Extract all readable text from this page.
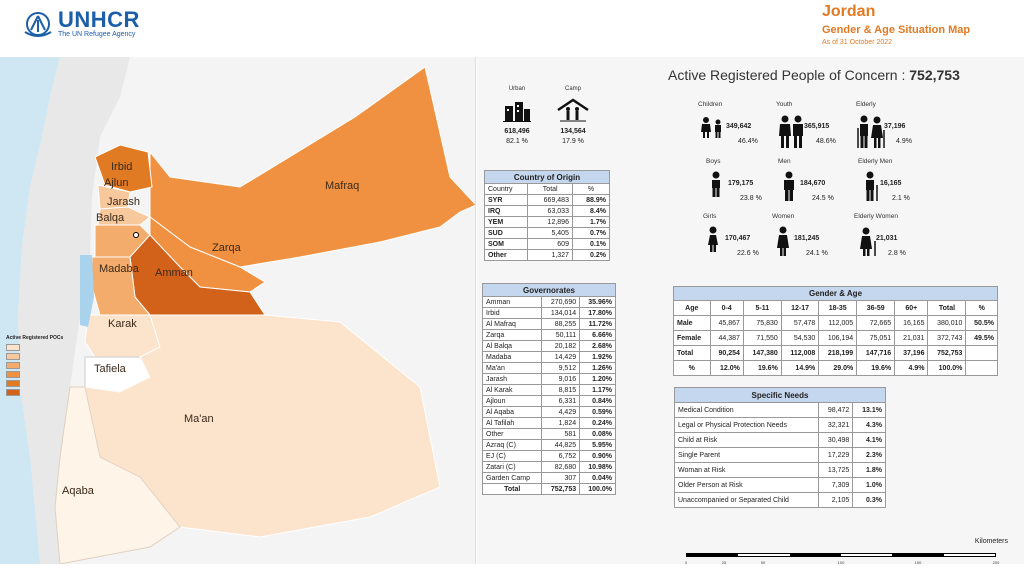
UNHCR
The UN Refugee Agency
Jordan
Gender & Age Situation Map
As of 31 October 2022
Irbid
Ajlun
Jarash
Balqa
Mafraq
Zarqa
Madaba Amman
Karak
Tafiela
Ma'an
Aqaba
Active Registered POCs
Active Registered People of Concern : 752,753
Urban
618,496
82.1 %
Camp
134,564
17.9 %
Children
349,642
46.4%
Youth
365,915
48.6%
Elderly
37,196
4.9%
Boys
179,175
23.8 %
Men
184,670
24.5 %
Elderly Men
16,165
2.1 %
Girls
170,467
22.6 %
Women
181,245
24.1 %
Elderly Women
21,031
2.8 %
Country of Origin		
Country	Total	%
SYR	669,483	88.9%
IRQ	63,033	8.4%
YEM	12,896	1.7%
SUD	5,405	0.7%
SOM	609	0.1%
Other	1,327	0.2%
Governorates		
Amman	270,690	35.96%
Irbid	134,014	17.80%
Al Mafraq	88,255	11.72%
Zarqa	50,111	6.66%
Al Balqa	20,182	2.68%
Madaba	14,429	1.92%
Ma'an	9,512	1.26%
Jarash	9,016	1.20%
Al Karak	8,815	1.17%
Ajloun	6,331	0.84%
Al Aqaba	4,429	0.59%
Al Tafilah	1,824	0.24%
Other	581	0.08%
Azraq (C)	44,825	5.95%
EJ (C)	6,752	0.90%
Zatari (C)	82,680	10.98%
Garden Camp	307	0.04%
Total	752,753	100.0%
Gender & Age								
Age	0-4	5-11	12-17	18-35	36-59	60+	Total	%
Male	45,867	75,830	57,478	112,005	72,665	16,165	380,010	50.5%
Female	44,387	71,550	54,530	106,194	75,051	21,031	372,743	49.5%
Total	90,254	147,380	112,008	218,199	147,716	37,196	752,753	
%	12.0%	19.6%	14.9%	29.0%	19.6%	4.9%	100.0%	
Specific Needs		
Medical Condition	98,472	13.1%
Legal or Physical Protection Needs	32,321	4.3%
Child at Risk	30,498	4.1%
Single Parent	17,229	2.3%
Woman at Risk	13,725	1.8%
Older Person at Risk	7,309	1.0%
Unaccompanied or Separated Child	2,105	0.3%
Kilometers
0	25	50	100	150	200
